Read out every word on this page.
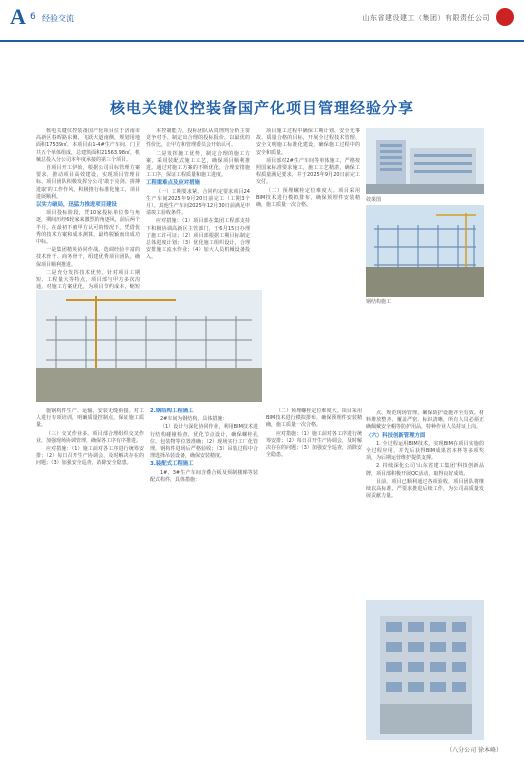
A 6 经验交流	山东省建设建工（集团）有限责任公司
核电关键仪控装备国产化项目管理经验分享

核电关键仪控装备国产化项目位于济南市高新区春晖路东侧、飞跃大道南侧，规划用地面积17539㎡，本项目由1-4#生产车间、门卫共五个单体组成，总建筑面积21563.98㎡，机械总投入分公司本年度承接的第三个项目。

自项目开工伊始，根据公司目标管理方案要求，推动项目高效建设，实现项目管理目标。项目团队积极发挥分公司'敢于亮剑、拼搏进取'的工作作风，积极推行标准化施工，项目进展顺利。

以实力破局，迅猛力推进项目建设

项目投标阶段，凭10家投标单位参与角逐，期间历经6轮家来激烈的角逐风，前后两个半月。在最初不被甲方认可的情况下，凭借优秀的技术方案和成本测算，最终脱颖而出成功中标。

一是集团精英协同作战。选调经验丰富的技术骨干、商务骨干，组建优秀项目团队，确保项目顺利推进。

二是充分发挥技术优势。针对项目工期短、工程量大等特点，项目部与甲方多次沟通，对施工方案优化，为项目节约成本，缩短

本控制能力，投标团队从真刑判分析主要竞争对手、制定出合理的投标报价，以最优的性价比，让甲方和管理委员会开始认可。

二是发挥施工优势，制定合理的施工方案，采用装配式施工工艺，确保项目顺利推进。通过对施工方案的不断优化，合理安排施工工序，保证工程质量和施工进度。

工程重难点及应对措施

（一）工期要求紧。合同约定要求项目24生产车间2025年9月20日前完工（工期3个月）。其他生产车间2025年12月30日前满足申请竣工验收条件。

应对措施：（1）项目部在集团工程部支持下积极协调高新区主管部门，于6月15日办理了施工许可证；（2）项目部根据工期目标制定总体进度计划；（3）优化施工组织设计，合理安排施工流水作业；（4）加大人员机械设备投入。

项目施工过程中确保工期计划、安全无事故、质量合格的目标，开展全过程技术管理、安全文明施工标准化建设，确保施工过程中的安全和质量。

项目部对2#生产车间等单体施工，严格按照国家标准要求施工，施工工艺精湛，确保工程质量满足要求，并于2025年9月20日前完工交付。

（二）预埋螺栓定位难度大。项目采用BIM技术进行模拟排布，确保预埋件安装精确，施工质量一次合格。

效果图
钢结构施工

施钢构件生产、运输、安装无缝衔接。对工人进行专项培训，明确质量控制点，保证施工质量。

（三）交叉作业多。项目部合理组织交叉作业，加强现场协调管理，确保各工序有序推进。

应对措施：（1）施工前对各工序进行统筹安排；（2）每日召开生产协调会，及时解决存在的问题；（3）加强安全巡查，消除安全隐患。

2.钢结构工程施工

2#车间为钢结构，具体措施：

（1）设计与深化协同作业，利用BIM技术进行结构碰撞检查，优化节点设计，确保螺栓孔位、包装物等位置准确；（2）现场实行工厂化管理，钢构件进场后严格验收；（3）吊装过程中合理选择吊装设备，确保安装精度。

3.装配式工程施工

1#、3#生产车间含叠合板及预制楼梯等装配式构件，具体措施：

（二）预埋螺栓定位难度大。项目采用BIM技术进行模拟排布，确保预埋件安装精确，施工质量一次合格。

应对措施：（1）施工前对各工序进行统筹安排；（2）每日召开生产协调会，及时解决存在的问题；（3）加强安全巡查，消除安全隐患。

点、规范现场管理，确保防护设施齐全有效。材料堆放整齐、覆盖严密，标识清晰，所有人员必须正确佩戴安全帽等防护用品，特种作业人员持证上岗。

（六）科技创新管理方面

1. 全过程运用BIM技术。实现BIM在项目实施的全过程应用，并先后获得BIM成果省本杯等多项奖项，为后期运营维护提供支撑。

2. 持续深化公司'山东省建工集团'科技创新品牌，项目部积极开展QC活动，取得良好成效。

目前，项目已顺利通过各项验收，项目团队将继续以高标准、严要求推进后续工作，为公司高质量发展贡献力量。

（八分公司 徐本峰）
